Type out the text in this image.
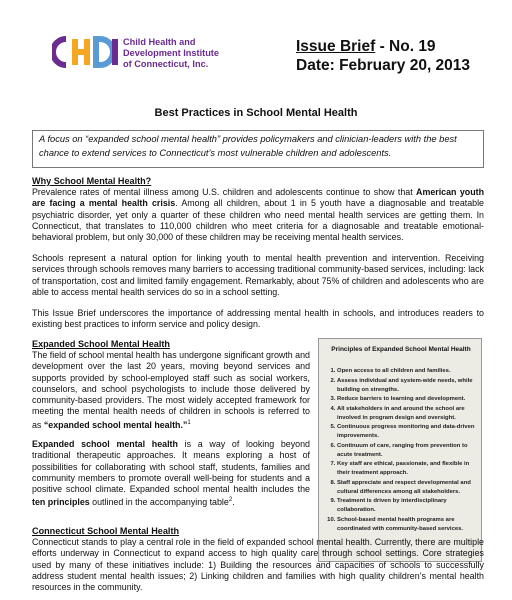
Child Health and
Development Institute
of Connecticut, Inc.
Issue Brief - No. 19
Date: February 20, 2013
Best Practices in School Mental Health
A focus on “expanded school mental health” provides policymakers and clinician-leaders with the best chance to extend services to Connecticut’s most vulnerable children and adolescents.
Why School Mental Health?
Prevalence rates of mental illness among U.S. children and adolescents continue to show that American youth are facing a mental health crisis. Among all children, about 1 in 5 youth have a diagnosable and treatable psychiatric disorder, yet only a quarter of these children who need mental health services are getting them. In Connecticut, that translates to 110,000 children who meet criteria for a diagnosable and treatable emotional-behavioral problem, but only 30,000 of these children may be receiving mental health services.
Schools represent a natural option for linking youth to mental health prevention and intervention. Receiving services through schools removes many barriers to accessing traditional community-based services, including: lack of transportation, cost and limited family engagement. Remarkably, about 75% of children and adolescents who are able to access mental health services do so in a school setting.
This Issue Brief underscores the importance of addressing mental health in schools, and introduces readers to existing best practices to inform service and policy design.
Expanded School Mental Health
The field of school mental health has undergone significant growth and development over the last 20 years, moving beyond services and supports provided by school-employed staff such as social workers, counselors, and school psychologists to include those delivered by community-based providers. The most widely accepted framework for meeting the mental health needs of children in schools is referred to as “expanded school mental health.”$^1$
Expanded school mental health is a way of looking beyond traditional therapeutic approaches. It means exploring a host of possibilities for collaborating with school staff, students, families and community members to promote overall well-being for students and a positive school climate. Expanded school mental health includes the ten principles outlined in the accompanying table$^2$.
Principles of Expanded School Mental Health
1. Open access to all children and families.
2. Assess individual and system-wide needs, while building on strengths.
3. Reduce barriers to learning and development.
4. All stakeholders in and around the school are involved in program design and oversight.
5. Continuous progress monitoring and data-driven improvements.
6. Continuum of care, ranging from prevention to acute treatment.
7. Key staff are ethical, passionate, and flexible in their treatment approach.
8. Staff appreciate and respect developmental and cultural differences among all stakeholders.
9. Treatment is driven by interdisciplinary collaboration.
10. School-based mental health programs are coordinated with community-based services.
Connecticut School Mental Health
Connecticut stands to play a central role in the field of expanded school mental health. Currently, there are multiple efforts underway in Connecticut to expand access to high quality care through school settings. Core strategies used by many of these initiatives include: 1) Building the resources and capacities of schools to successfully address student mental health issues; 2) Linking children and families with high quality children’s mental health resources in the community.
